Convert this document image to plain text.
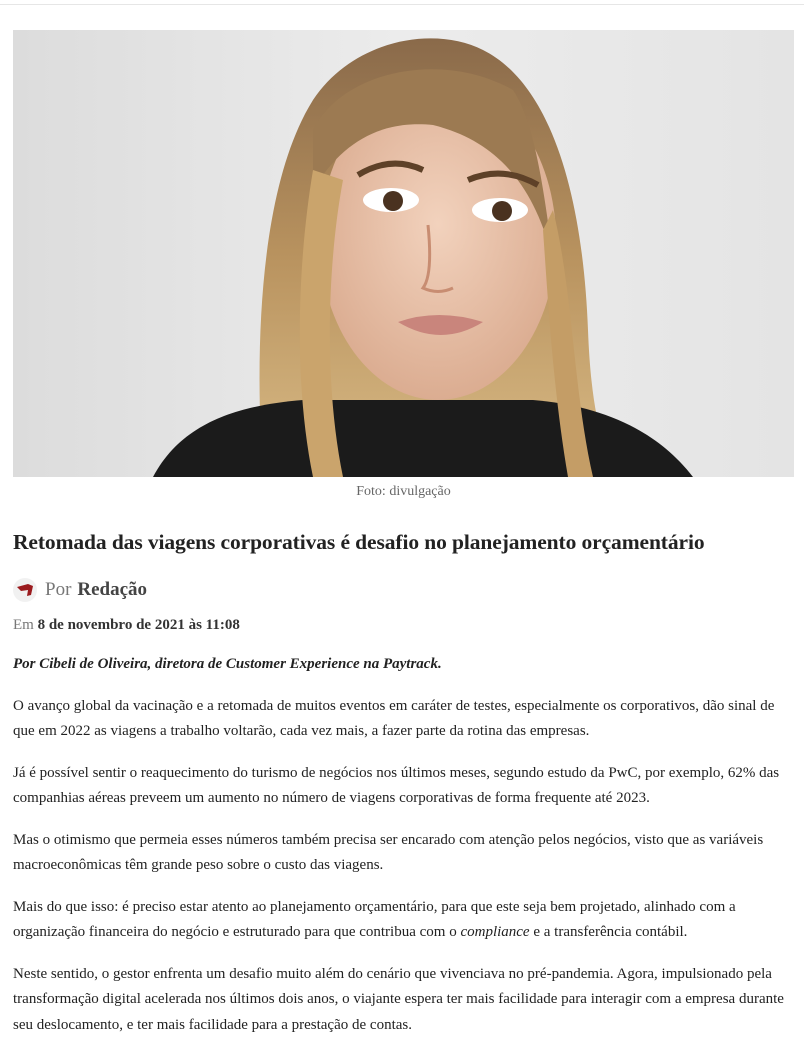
Foto: divulgação
Retomada das viagens corporativas é desafio no planejamento orçamentário
Por Redação
Em 8 de novembro de 2021 às 11:08

Por Cibeli de Oliveira, diretora de Customer Experience na Paytrack.

O avanço global da vacinação e a retomada de muitos eventos em caráter de testes, especialmente os corporativos, dão sinal de que em 2022 as viagens a trabalho voltarão, cada vez mais, a fazer parte da rotina das empresas.

Já é possível sentir o reaquecimento do turismo de negócios nos últimos meses, segundo estudo da PwC, por exemplo, 62% das companhias aéreas preveem um aumento no número de viagens corporativas de forma frequente até 2023.

Mas o otimismo que permeia esses números também precisa ser encarado com atenção pelos negócios, visto que as variáveis macroeconômicas têm grande peso sobre o custo das viagens.

Mais do que isso: é preciso estar atento ao planejamento orçamentário, para que este seja bem projetado, alinhado com a organização financeira do negócio e estruturado para que contribua com o compliance e a transferência contábil.

Neste sentido, o gestor enfrenta um desafio muito além do cenário que vivenciava no pré-pandemia. Agora, impulsionado pela transformação digital acelerada nos últimos dois anos, o viajante espera ter mais facilidade para interagir com a empresa durante seu deslocamento, e ter mais facilidade para a prestação de contas.
